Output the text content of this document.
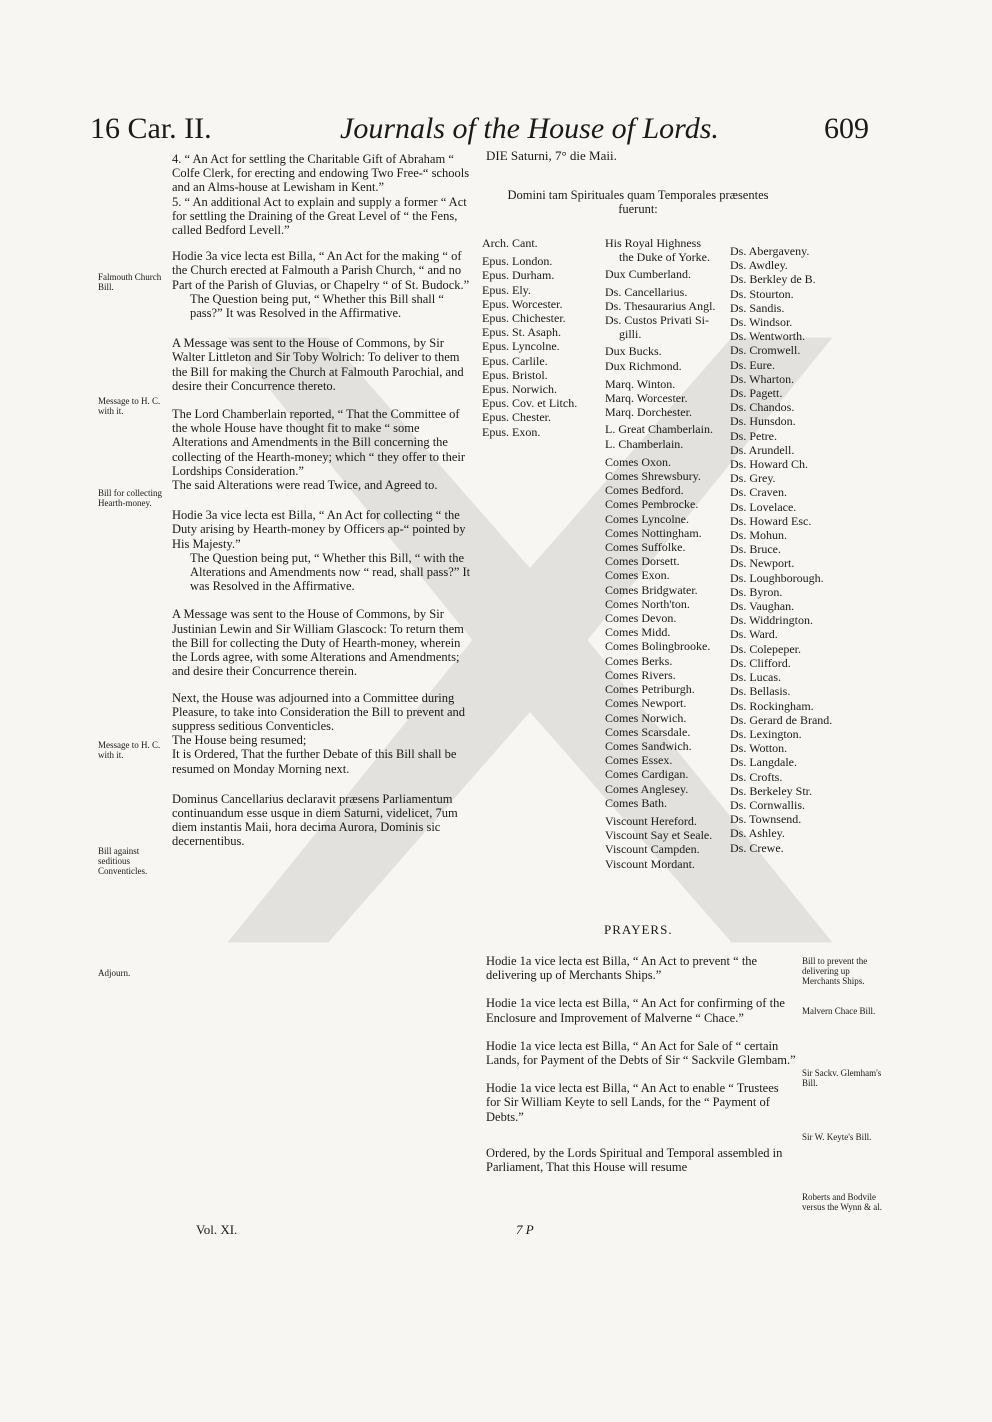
16 Car. II.	Journals of the House of Lords.	609

4. “ An Act for settling the Charitable Gift of Abraham “ Colfe Clerk, for erecting and endowing Two Free-“ schools and an Alms-house at Lewisham in Kent.”

5. “ An additional Act to explain and supply a former “ Act for settling the Draining of the Great Level of “ the Fens, called Bedford Levell.”

Hodie 3a vice lecta est Billa, “ An Act for the making “ of the Church erected at Falmouth a Parish Church, “ and no Part of the Parish of Gluvias, or Chapelry “ of St. Budock.”

The Question being put, “ Whether this Bill shall “ pass?” It was Resolved in the Affirmative.

A Message was sent to the House of Commons, by Sir Walter Littleton and Sir Toby Wolrich: To deliver to them the Bill for making the Church at Falmouth Parochial, and desire their Concurrence thereto.

The Lord Chamberlain reported, “ That the Committee of the whole House have thought fit to make “ some Alterations and Amendments in the Bill concerning the collecting of the Hearth-money; which “ they offer to their Lordships Consideration.”

The said Alterations were read Twice, and Agreed to.

Hodie 3a vice lecta est Billa, “ An Act for collecting “ the Duty arising by Hearth-money by Officers ap-“ pointed by His Majesty.”

The Question being put, “ Whether this Bill, “ with the Alterations and Amendments now “ read, shall pass?” It was Resolved in the Affirmative.

A Message was sent to the House of Commons, by Sir Justinian Lewin and Sir William Glascock: To return them the Bill for collecting the Duty of Hearth-money, wherein the Lords agree, with some Alterations and Amendments; and desire their Concurrence therein.

Next, the House was adjourned into a Committee during Pleasure, to take into Consideration the Bill to prevent and suppress seditious Conventicles.

The House being resumed;

It is Ordered, That the further Debate of this Bill shall be resumed on Monday Morning next.

Dominus Cancellarius declaravit præsens Parliamentum continuandum esse usque in diem Saturni, videlicet, 7um diem instantis Maii, hora decima Aurora, Dominis sic decernentibus.

Falmouth Church Bill.
Message to H. C. with it.
Bill for collecting Hearth-money.
Message to H. C. with it.
Bill against seditious Conventicles.
Adjourn.
Vol. XI.
DIE Saturni, 7° die Maii.
Domini tam Spirituales quam Temporales præsentes fuerunt:
Arch. Cant.
Epus. London.
Epus. Durham.
Epus. Ely.
Epus. Worcester.
Epus. Chichester.
Epus. St. Asaph.
Epus. Lyncolne.
Epus. Carlile.
Epus. Bristol.
Epus. Norwich.
Epus. Cov. et Litch.
Epus. Chester.
Epus. Exon.
His Royal Highness
the Duke of Yorke.
Dux Cumberland.
Ds. Cancellarius.
Ds. Thesaurarius Angl.
Ds. Custos Privati Si-
gilli.
Dux Bucks.
Dux Richmond.
Marq. Winton.
Marq. Worcester.
Marq. Dorchester.
L. Great Chamberlain.
L. Chamberlain.
Comes Oxon.
Comes Shrewsbury.
Comes Bedford.
Comes Pembrocke.
Comes Lyncolne.
Comes Nottingham.
Comes Suffolke.
Comes Dorsett.
Comes Exon.
Comes Bridgwater.
Comes North'ton.
Comes Devon.
Comes Midd.
Comes Bolingbrooke.
Comes Berks.
Comes Rivers.
Comes Petriburgh.
Comes Newport.
Comes Norwich.
Comes Scarsdale.
Comes Sandwich.
Comes Essex.
Comes Cardigan.
Comes Anglesey.
Comes Bath.
Viscount Hereford.
Viscount Say et Seale.
Viscount Campden.
Viscount Mordant.
Ds. Abergaveny.
Ds. Awdley.
Ds. Berkley de B.
Ds. Stourton.
Ds. Sandis.
Ds. Windsor.
Ds. Wentworth.
Ds. Cromwell.
Ds. Eure.
Ds. Wharton.
Ds. Pagett.
Ds. Chandos.
Ds. Hunsdon.
Ds. Petre.
Ds. Arundell.
Ds. Howard Ch.
Ds. Grey.
Ds. Craven.
Ds. Lovelace.
Ds. Howard Esc.
Ds. Mohun.
Ds. Bruce.
Ds. Newport.
Ds. Loughborough.
Ds. Byron.
Ds. Vaughan.
Ds. Widdrington.
Ds. Ward.
Ds. Colepeper.
Ds. Clifford.
Ds. Lucas.
Ds. Bellasis.
Ds. Rockingham.
Ds. Gerard de Brand.
Ds. Lexington.
Ds. Wotton.
Ds. Langdale.
Ds. Crofts.
Ds. Berkeley Str.
Ds. Cornwallis.
Ds. Townsend.
Ds. Ashley.
Ds. Crewe.
PRAYERS.

Hodie 1a vice lecta est Billa, “ An Act to prevent “ the delivering up of Merchants Ships.”

Hodie 1a vice lecta est Billa, “ An Act for confirming of the Enclosure and Improvement of Malverne “ Chace.”

Hodie 1a vice lecta est Billa, “ An Act for Sale of “ certain Lands, for Payment of the Debts of Sir “ Sackvile Glembam.”

Hodie 1a vice lecta est Billa, “ An Act to enable “ Trustees for Sir William Keyte to sell Lands, for the “ Payment of Debts.”

Ordered, by the Lords Spiritual and Temporal assembled in Parliament, That this House will resume

Bill to prevent the delivering up Merchants Ships.
Malvern Chace Bill.
Sir Sackv. Glemham's Bill.
Sir W. Keyte's Bill.
Roberts and Bodvile versus the Wynn & al.
7 P
